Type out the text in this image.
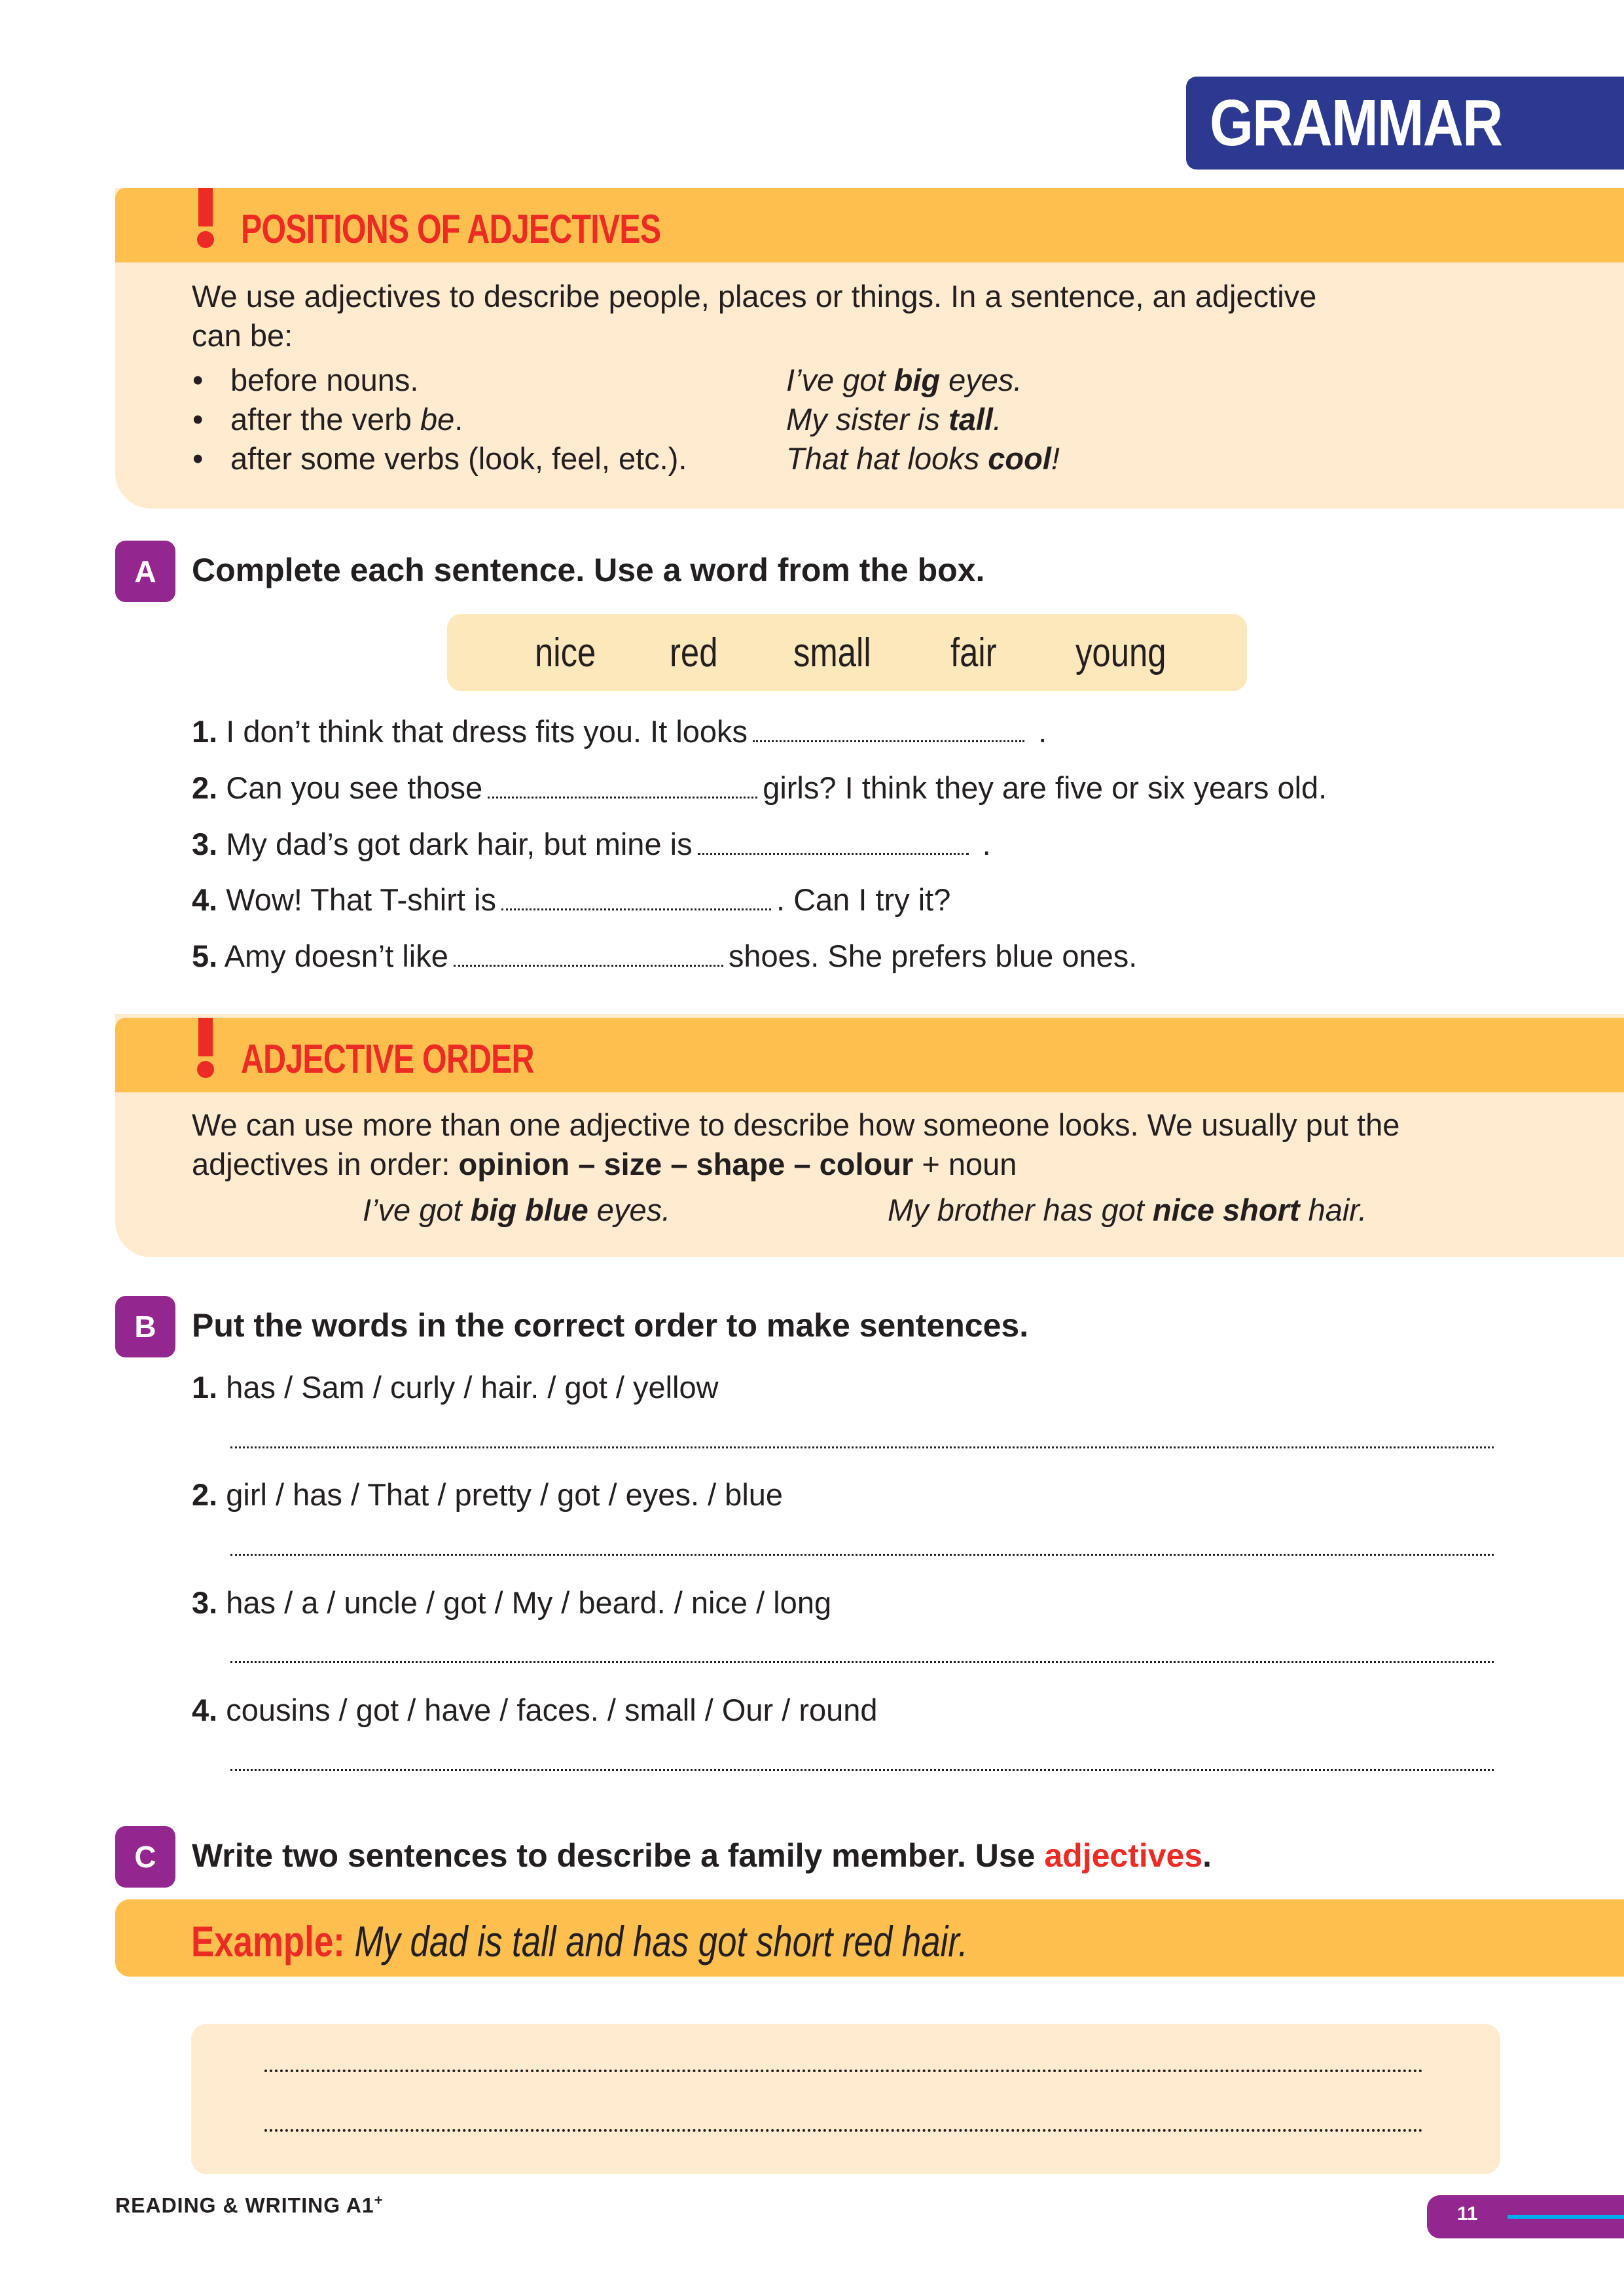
GRAMMAR
POSITIONS OF ADJECTIVES
We use adjectives to describe people, places or things. In a sentence, an adjective
can be:
• before nouns.	I’ve got big eyes.
• after the verb be.	My sister is tall.
• after some verbs (look, feel, etc.).	That hat looks cool!
A	Complete each sentence. Use a word from the box.
nice red small fair young
1. I don’t think that dress fits you. It looks	.
2. Can you see those	girls? I think they are five or six years old.
3. My dad’s got dark hair, but mine is	.
4. Wow! That T-shirt is	. Can I try it?
5. Amy doesn’t like	shoes. She prefers blue ones.
ADJECTIVE ORDER
We can use more than one adjective to describe how someone looks. We usually put the
adjectives in order: opinion – size – shape – colour + noun
I’ve got big blue eyes.	My brother has got nice short hair.
B	Put the words in the correct order to make sentences.
1. has / Sam / curly / hair. / got / yellow
2. girl / has / That / pretty / got / eyes. / blue
3. has / a / uncle / got / My / beard. / nice / long
4. cousins / got / have / faces. / small / Our / round
C	Write two sentences to describe a family member. Use adjectives.
Example: My dad is tall and has got short red hair.
READING & WRITING A1+
11
